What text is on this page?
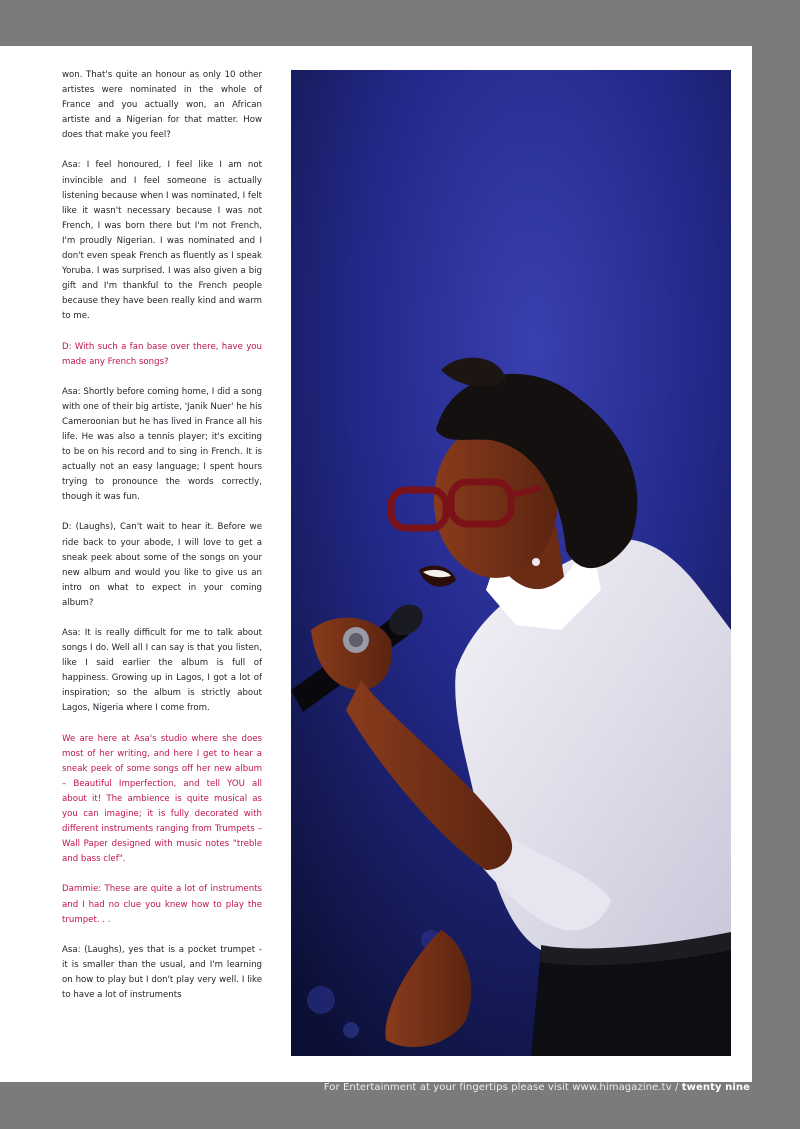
won. That's quite an honour as only 10 other artistes were nominated in the whole of France and you actually won, an African artiste and a Nigerian for that matter. How does that make you feel?

Asa: I feel honoured, I feel like I am not invincible and I feel someone is actually listening because when I was nominated, I felt like it wasn't necessary because I was not French, I was born there but I'm not French, I'm proudly Nigerian. I was nominated and I don't even speak French as fluently as I speak Yoruba. I was surprised. I was also given a big gift and I'm thankful to the French people because they have been really kind and warm to me.

D: With such a fan base over there, have you made any French songs?

Asa: Shortly before coming home, I did a song with one of their big artiste, 'Janik Nuer' he his Cameroonian but he has lived in France all his life. He was also a tennis player; it's exciting to be on his record and to sing in French. It is actually not an easy language; I spent hours trying to pronounce the words correctly, though it was fun.

D: (Laughs), Can't wait to hear it. Before we ride back to your abode, I will love to get a sneak peek about some of the songs on your new album and would you like to give us an intro on what to expect in your coming album?

Asa: It is really difficult for me to talk about songs I do. Well all I can say is that you listen, like I said earlier the album is full of happiness. Growing up in Lagos, I got a lot of inspiration; so the album is strictly about Lagos, Nigeria where I come from.

We are here at Asa's studio where she does most of her writing, and here I get to hear a sneak peek of some songs off her new album – Beautiful Imperfection, and tell YOU all about it! The ambience is quite musical as you can imagine; it is fully decorated with different instruments ranging from Trumpets – Wall Paper designed with music notes "treble and bass clef".

Dammie: These are quite a lot of instruments and I had no clue you knew how to play the trumpet. . .

Asa: (Laughs), yes that is a pocket trumpet - it is smaller than the usual, and I'm learning on how to play but I don't play very well. I like to have a lot of instruments

For Entertainment at your fingertips please visit www.himagazine.tv / twenty nine
